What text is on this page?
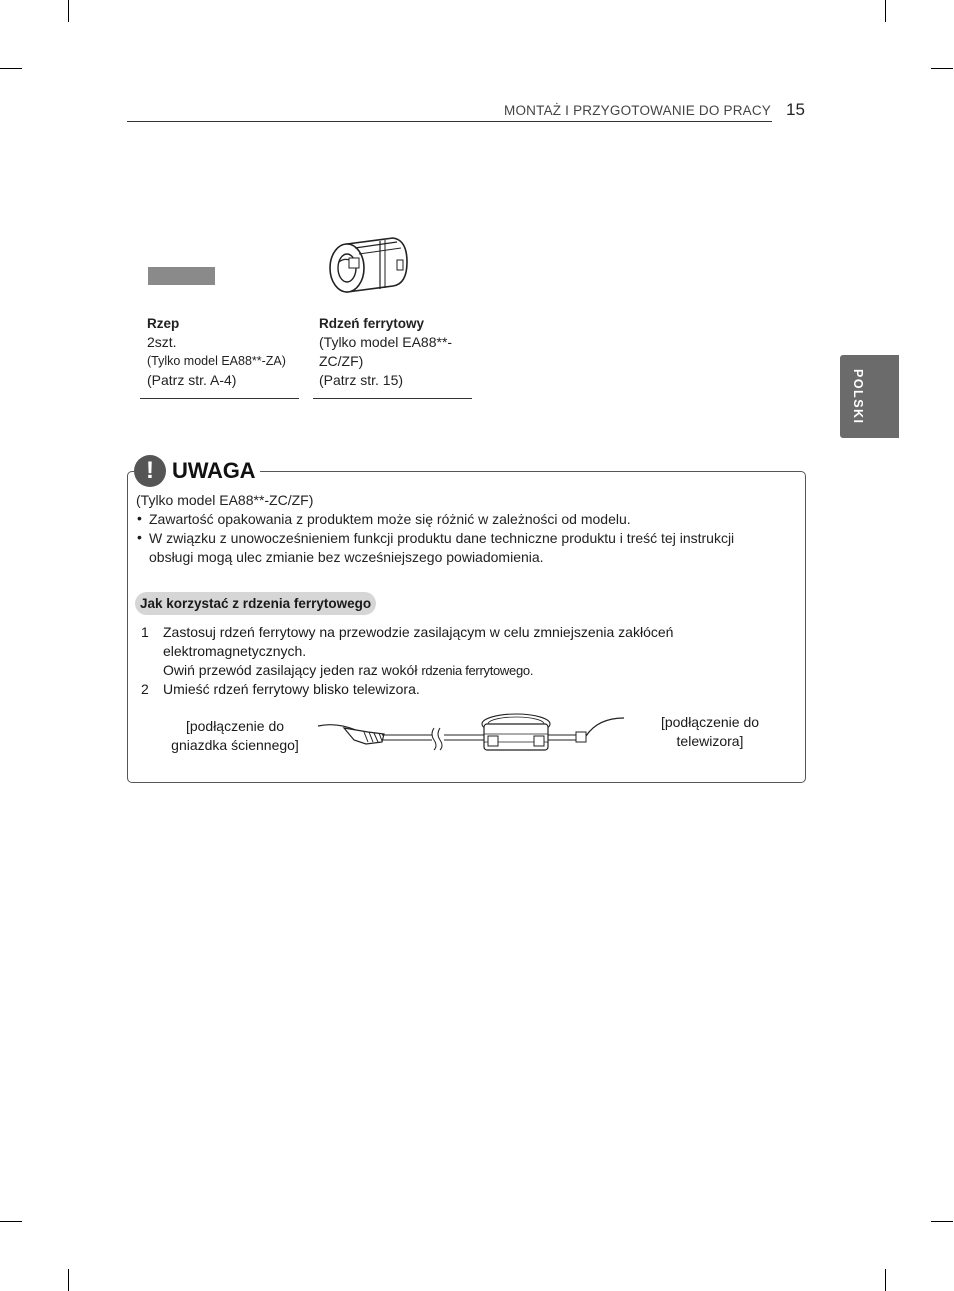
MONTAŻ I PRZYGOTOWANIE DO PRACY 15
POLSKI
Rzep
2szt.
(Tylko model EA88**-ZA)
(Patrz str. A-4)
Rdzeń ferrytowy
(Tylko model EA88**-
ZC/ZF)
(Patrz str. 15)
! UWAGA
(Tylko model EA88**-ZC/ZF)
• Zawartość opakowania z produktem może się różnić w zależności od modelu.
• W związku z unowocześnieniem funkcji produktu dane techniczne produktu i treść tej instrukcji
obsługi mogą ulec zmianie bez wcześniejszego powiadomienia.
Jak korzystać z rdzenia ferrytowego
1 Zastosuj rdzeń ferrytowy na przewodzie zasilającym w celu zmniejszenia zakłóceń
elektromagnetycznych.
Owiń przewód zasilający jeden raz wokół rdzenia ferrytowego.
2 Umieść rdzeń ferrytowy blisko telewizora.
[podłączenie do
gniazdka ściennego]
[podłączenie do
telewizora]
